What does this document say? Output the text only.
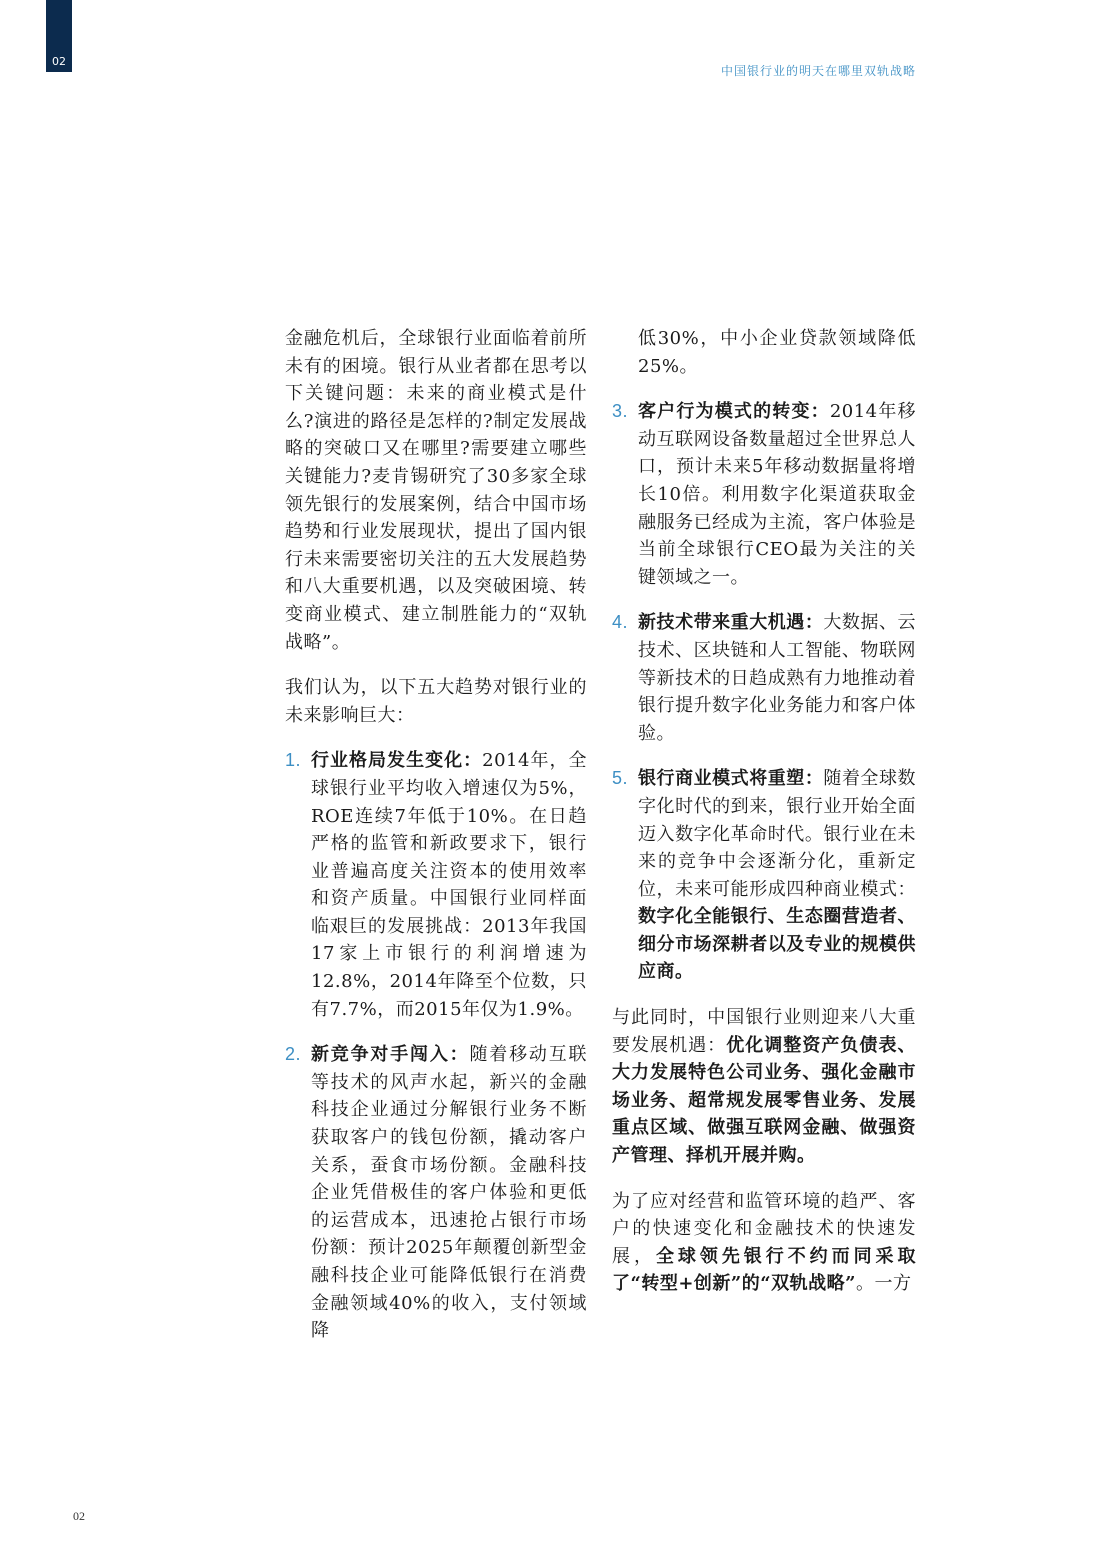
02
中国银行业的明天在哪里双轨战略

金融危机后，全球银行业面临着前所未有的困境。银行从业者都在思考以下关键问题：未来的商业模式是什么?演进的路径是怎样的?制定发展战略的突破口又在哪里?需要建立哪些关键能力?麦肯锡研究了30多家全球领先银行的发展案例，结合中国市场趋势和行业发展现状，提出了国内银行未来需要密切关注的五大发展趋势和八大重要机遇，以及突破困境、转变商业模式、建立制胜能力的“双轨战略”。

我们认为，以下五大趋势对银行业的未来影响巨大：

1. 行业格局发生变化：2014年，全球银行业平均收入增速仅为5%，ROE连续7年低于10%。在日趋严格的监管和新政要求下，银行业普遍高度关注资本的使用效率和资产质量。中国银行业同样面临艰巨的发展挑战：2013年我国17家上市银行的利润增速为12.8%，2014年降至个位数，只有7.7%，而2015年仅为1.9%。
2. 新竞争对手闯入：随着移动互联等技术的风声水起，新兴的金融科技企业通过分解银行业务不断获取客户的钱包份额，撬动客户关系，蚕食市场份额。金融科技企业凭借极佳的客户体验和更低的运营成本，迅速抢占银行市场份额：预计2025年颠覆创新型金融科技企业可能降低银行在消费金融领域40%的收入，支付领域降
低30%，中小企业贷款领域降低25%。
3. 客户行为模式的转变：2014年移动互联网设备数量超过全世界总人口，预计未来5年移动数据量将增长10倍。利用数字化渠道获取金融服务已经成为主流，客户体验是当前全球银行CEO最为关注的关键领域之一。
4. 新技术带来重大机遇：大数据、云技术、区块链和人工智能、物联网等新技术的日趋成熟有力地推动着银行提升数字化业务能力和客户体验。
5. 银行商业模式将重塑：随着全球数字化时代的到来，银行业开始全面迈入数字化革命时代。银行业在未来的竞争中会逐渐分化，重新定位，未来可能形成四种商业模式：数字化全能银行、生态圈营造者、细分市场深耕者以及专业的规模供应商。

与此同时，中国银行业则迎来八大重要发展机遇：优化调整资产负债表、大力发展特色公司业务、强化金融市场业务、超常规发展零售业务、发展重点区域、做强互联网金融、做强资产管理、择机开展并购。

为了应对经营和监管环境的趋严、客户的快速变化和金融技术的快速发展，全球领先银行不约而同采取了“转型+创新”的“双轨战略”。一方

02
